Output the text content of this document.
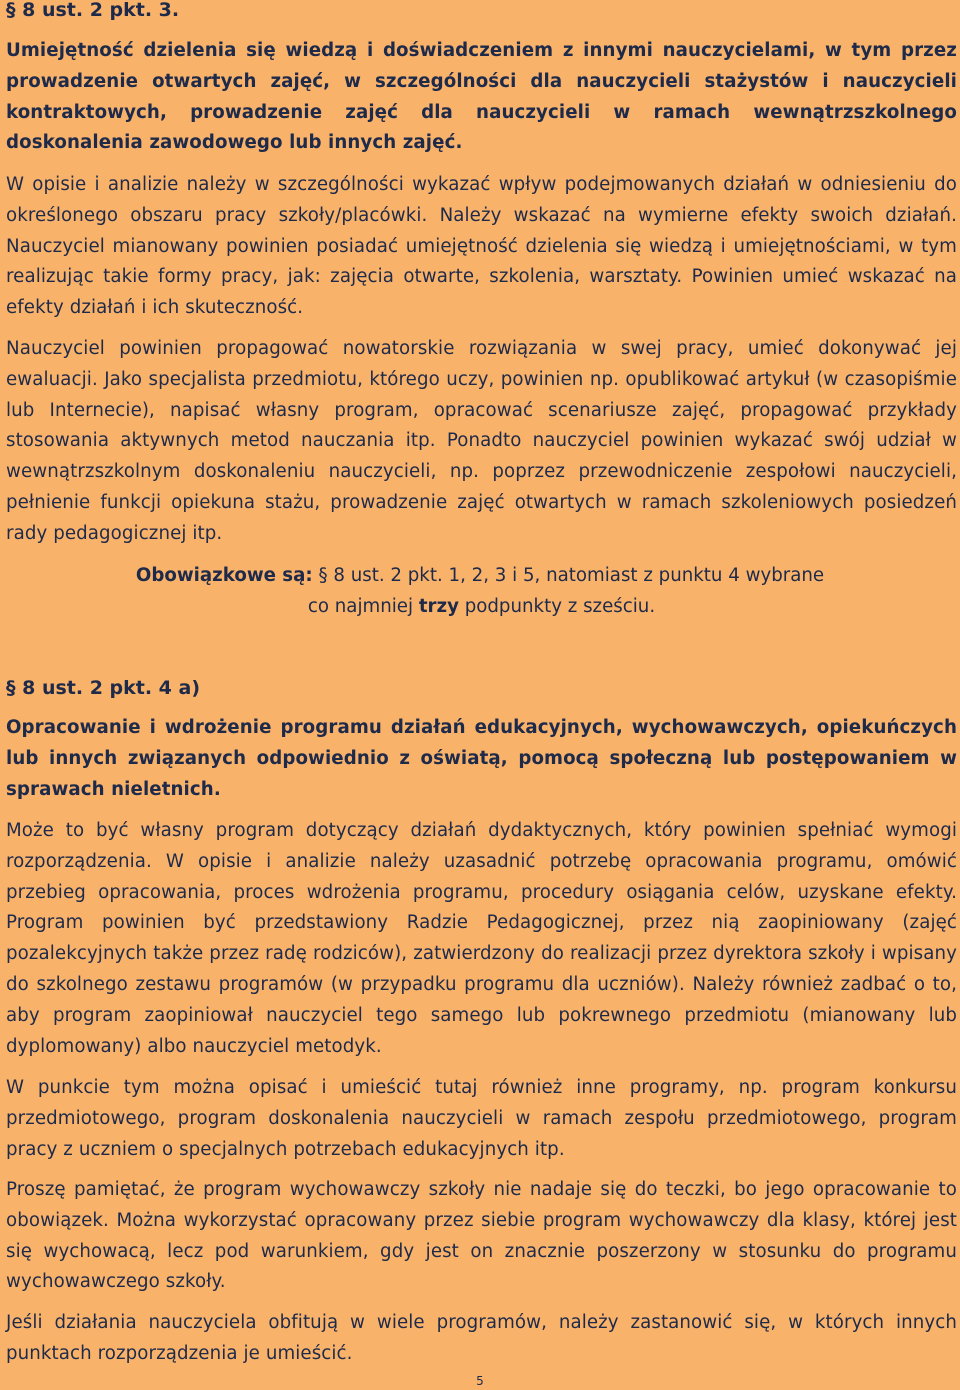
§ 8 ust. 2 pkt. 3.

Umiejętność dzielenia się wiedzą i doświadczeniem z innymi nauczycielami, w tym przez prowadzenie otwartych zajęć, w szczególności dla nauczycieli stażystów i nauczycieli kontraktowych, prowadzenie zajęć dla nauczycieli w ramach wewnątrzszkolnego doskonalenia zawodowego lub innych zajęć.

W opisie i analizie należy w szczególności wykazać wpływ podejmowanych działań w odniesieniu do określonego obszaru pracy szkoły/placówki. Należy wskazać na wymierne efekty swoich działań. Nauczyciel mianowany powinien posiadać umiejętność dzielenia się wiedzą i umiejętnościami, w tym realizując takie formy pracy, jak: zajęcia otwarte, szkolenia, warsztaty. Powinien umieć wskazać na efekty działań i ich skuteczność.

Nauczyciel powinien propagować nowatorskie rozwiązania w swej pracy, umieć dokonywać jej ewaluacji. Jako specjalista przedmiotu, którego uczy, powinien np. opublikować artykuł (w czasopiśmie lub Internecie), napisać własny program, opracować scenariusze zajęć, propagować przykłady stosowania aktywnych metod nauczania itp. Ponadto nauczyciel powinien wykazać swój udział w wewnątrzszkolnym doskonaleniu nauczycieli, np. poprzez przewodniczenie zespołowi nauczycieli, pełnienie funkcji opiekuna stażu, prowadzenie zajęć otwartych w ramach szkoleniowych posiedzeń rady pedagogicznej itp.

Obowiązkowe są: § 8 ust. 2 pkt. 1, 2, 3 i 5, natomiast z punktu 4 wybrane
co najmniej trzy podpunkty z sześciu.

§ 8 ust. 2 pkt. 4 a)

Opracowanie i wdrożenie programu działań edukacyjnych, wychowawczych, opiekuńczych lub innych związanych odpowiednio z oświatą, pomocą społeczną lub postępowaniem w sprawach nieletnich.

Może to być własny program dotyczący działań dydaktycznych, który powinien spełniać wymogi rozporządzenia. W opisie i analizie należy uzasadnić potrzebę opracowania programu, omówić przebieg opracowania, proces wdrożenia programu, procedury osiągania celów, uzyskane efekty. Program powinien być przedstawiony Radzie Pedagogicznej, przez nią zaopiniowany (zajęć pozalekcyjnych także przez radę rodziców), zatwierdzony do realizacji przez dyrektora szkoły i wpisany do szkolnego zestawu programów (w przypadku programu dla uczniów). Należy również zadbać o to, aby program zaopiniował nauczyciel tego samego lub pokrewnego przedmiotu (mianowany lub dyplomowany) albo nauczyciel metodyk.

W punkcie tym można opisać i umieścić tutaj również inne programy, np. program konkursu przedmiotowego, program doskonalenia nauczycieli w ramach zespołu przedmiotowego, program pracy z uczniem o specjalnych potrzebach edukacyjnych itp.

Proszę pamiętać, że program wychowawczy szkoły nie nadaje się do teczki, bo jego opracowanie to obowiązek. Można wykorzystać opracowany przez siebie program wychowawczy dla klasy, której jest się wychowacą, lecz pod warunkiem, gdy jest on znacznie poszerzony w stosunku do programu wychowawczego szkoły.

Jeśli działania nauczyciela obfitują w wiele programów, należy zastanowić się, w których innych punktach rozporządzenia je umieścić.

5
